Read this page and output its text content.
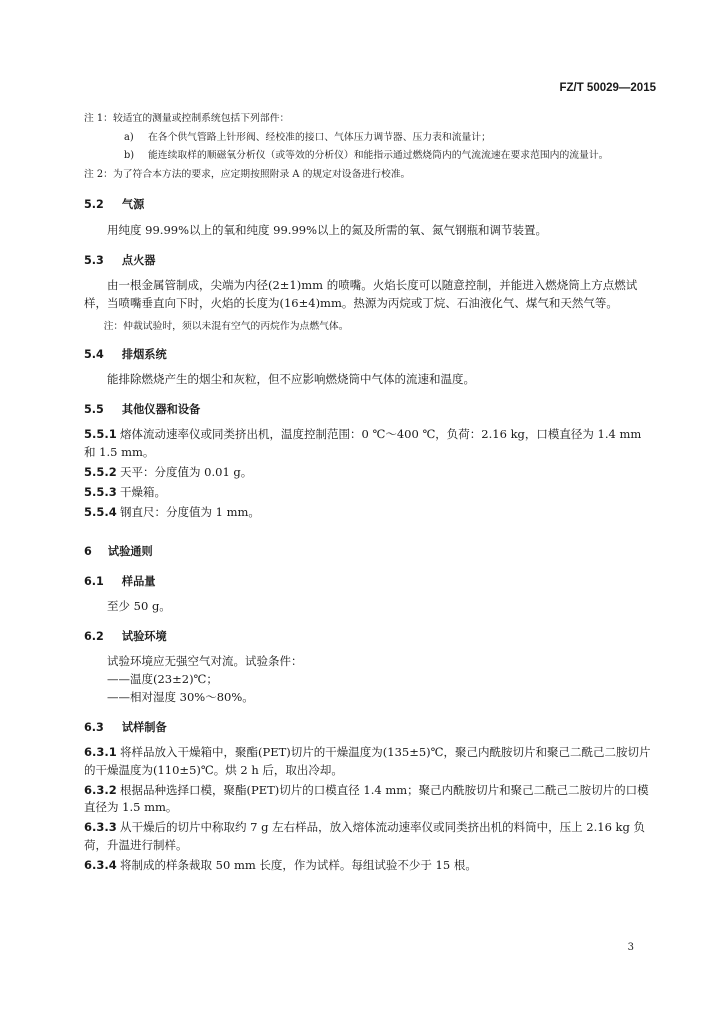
FZ/T 50029—2015
注 1：较适宜的测量或控制系统包括下列部件：
a)	在各个供气管路上针形阀、经校准的接口、气体压力调节器、压力表和流量计；
b)	能连续取样的顺磁氧分析仪（或等效的分析仪）和能指示通过燃烧筒内的气流流速在要求范围内的流量计。
注 2：为了符合本方法的要求，应定期按照附录 A 的规定对设备进行校准。
5.2 气源
用纯度 99.99%以上的氧和纯度 99.99%以上的氮及所需的氧、氮气钢瓶和调节装置。
5.3 点火器
由一根金属管制成，尖端为内径(2±1)mm 的喷嘴。火焰长度可以随意控制，并能进入燃烧筒上方点燃试样，当喷嘴垂直向下时，火焰的长度为(16±4)mm。热源为丙烷或丁烷、石油液化气、煤气和天然气等。
注：仲裁试验时，须以未混有空气的丙烷作为点燃气体。
5.4 排烟系统
能排除燃烧产生的烟尘和灰粒，但不应影响燃烧筒中气体的流速和温度。
5.5 其他仪器和设备
5.5.1 熔体流动速率仪或同类挤出机，温度控制范围：0 ℃～400 ℃，负荷：2.16 kg，口模直径为 1.4 mm 和 1.5 mm。
5.5.2 天平：分度值为 0.01 g。
5.5.3 干燥箱。
5.5.4 钢直尺：分度值为 1 mm。
6 试验通则
6.1 样品量
至少 50 g。
6.2 试验环境
试验环境应无强空气对流。试验条件：
——温度(23±2)℃；
——相对湿度 30%～80%。
6.3 试样制备
6.3.1 将样品放入干燥箱中，聚酯(PET)切片的干燥温度为(135±5)℃，聚己内酰胺切片和聚己二酰己二胺切片的干燥温度为(110±5)℃。烘 2 h 后，取出冷却。
6.3.2 根据品种选择口模，聚酯(PET)切片的口模直径 1.4 mm；聚己内酰胺切片和聚己二酰己二胺切片的口模直径为 1.5 mm。
6.3.3 从干燥后的切片中称取约 7 g 左右样品，放入熔体流动速率仪或同类挤出机的料筒中，压上 2.16 kg 负荷，升温进行制样。
6.3.4 将制成的样条裁取 50 mm 长度，作为试样。每组试验不少于 15 根。
3
